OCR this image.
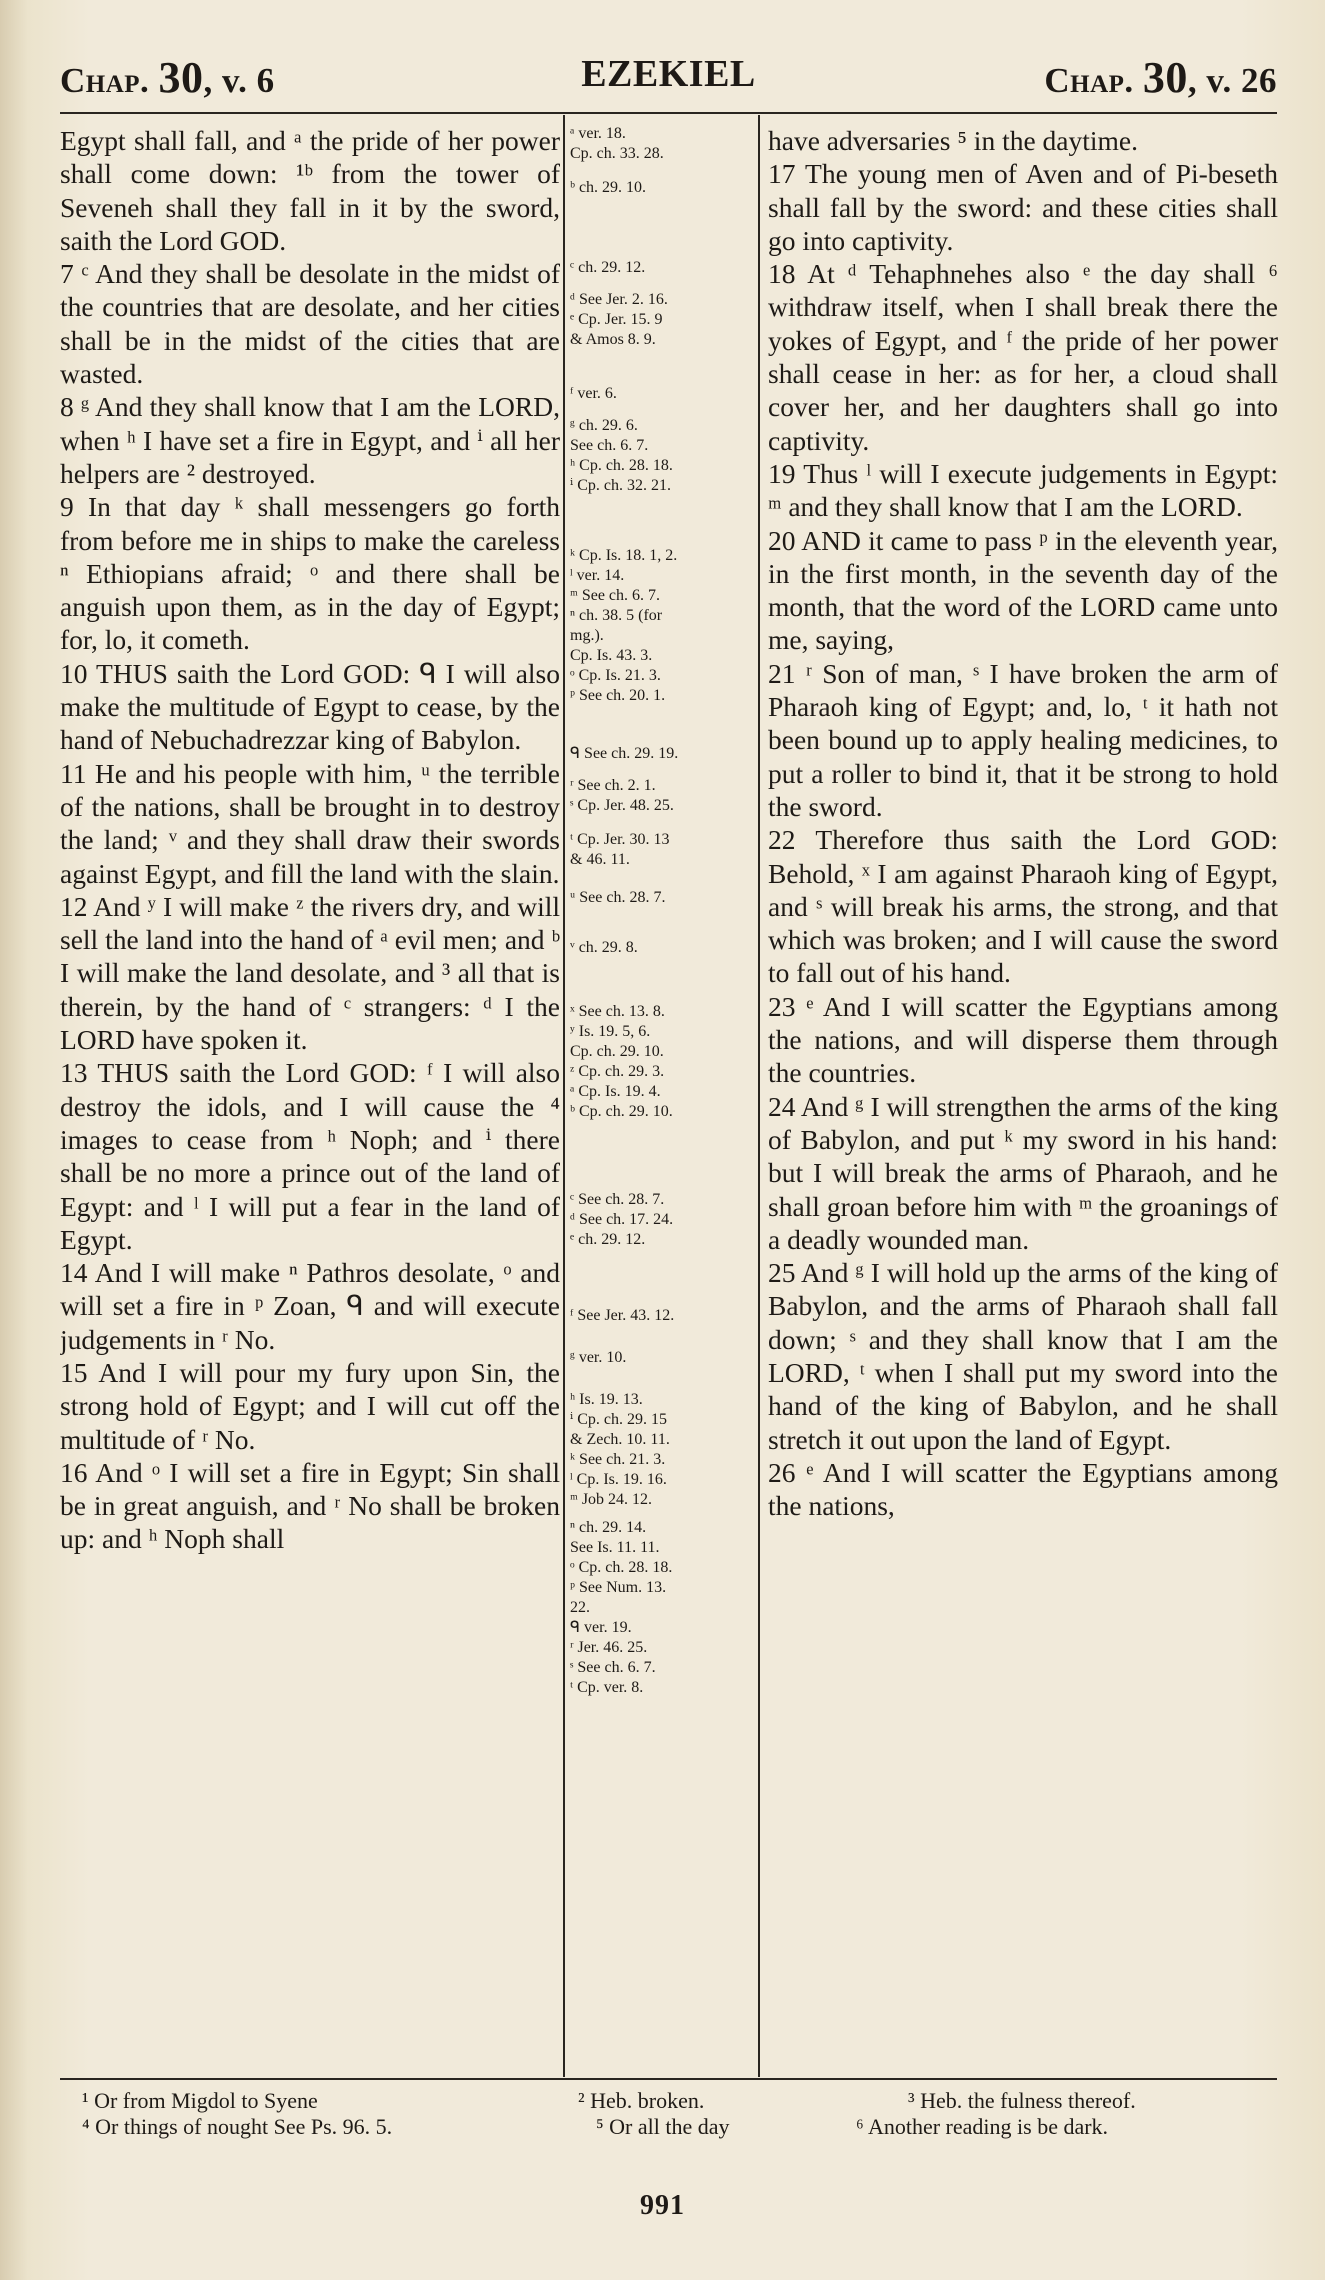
Chap. 30, v. 6	EZEKIEL	Chap. 30, v. 26

Egypt shall fall, and ᵃ the pride of her power shall come down: ¹ᵇ from the tower of Seveneh shall they fall in it by the sword, saith the Lord GOD.

7 ᶜ And they shall be desolate in the midst of the countries that are desolate, and her cities shall be in the midst of the cities that are wasted.

8 ᵍ And they shall know that I am the LORD, when ʰ I have set a fire in Egypt, and ⁱ all her helpers are ² destroyed.

9 In that day ᵏ shall messengers go forth from before me in ships to make the careless ⁿ Ethiopians afraid; ᵒ and there shall be anguish upon them, as in the day of Egypt; for, lo, it cometh.

10 THUS saith the Lord GOD: ᑫ I will also make the multitude of Egypt to cease, by the hand of Nebuchadrezzar king of Babylon.

11 He and his people with him, ᵘ the terrible of the nations, shall be brought in to destroy the land; ᵛ and they shall draw their swords against Egypt, and fill the land with the slain.

12 And ʸ I will make ᶻ the rivers dry, and will sell the land into the hand of ᵃ evil men; and ᵇ I will make the land desolate, and ³ all that is therein, by the hand of ᶜ strangers: ᵈ I the LORD have spoken it.

13 THUS saith the Lord GOD: ᶠ I will also destroy the idols, and I will cause the ⁴ images to cease from ʰ Noph; and ⁱ there shall be no more a prince out of the land of Egypt: and ˡ I will put a fear in the land of Egypt.

14 And I will make ⁿ Pathros desolate, ᵒ and will set a fire in ᵖ Zoan, ᑫ and will execute judgements in ʳ No.

15 And I will pour my fury upon Sin, the strong hold of Egypt; and I will cut off the multitude of ʳ No.

16 And ᵒ I will set a fire in Egypt; Sin shall be in great anguish, and ʳ No shall be broken up: and ʰ Noph shall

ᵃ ver. 18.
Cp. ch. 33. 28.
ᵇ ch. 29. 10.
ᶜ ch. 29. 12.
ᵈ See Jer. 2. 16.
ᵉ Cp. Jer. 15. 9
& Amos 8. 9.
ᶠ ver. 6.
ᵍ ch. 29. 6.
See ch. 6. 7.
ʰ Cp. ch. 28. 18.
ⁱ Cp. ch. 32. 21.
ᵏ Cp. Is. 18. 1, 2.
ˡ ver. 14.
ᵐ See ch. 6. 7.
ⁿ ch. 38. 5 (for
mg.).
Cp. Is. 43. 3.
ᵒ Cp. Is. 21. 3.
ᵖ See ch. 20. 1.
ᑫ See ch. 29. 19.
ʳ See ch. 2. 1.
ˢ Cp. Jer. 48. 25.
ᵗ Cp. Jer. 30. 13
& 46. 11.
ᵘ See ch. 28. 7.
ᵛ ch. 29. 8.
ˣ See ch. 13. 8.
ʸ Is. 19. 5, 6.
Cp. ch. 29. 10.
ᶻ Cp. ch. 29. 3.
ᵃ Cp. Is. 19. 4.
ᵇ Cp. ch. 29. 10.
ᶜ See ch. 28. 7.
ᵈ See ch. 17. 24.
ᵉ ch. 29. 12.
ᶠ See Jer. 43. 12.
ᵍ ver. 10.
ʰ Is. 19. 13.
ⁱ Cp. ch. 29. 15
& Zech. 10. 11.
ᵏ See ch. 21. 3.
ˡ Cp. Is. 19. 16.
ᵐ Job 24. 12.
ⁿ ch. 29. 14.
See Is. 11. 11.
ᵒ Cp. ch. 28. 18.
ᵖ See Num. 13.
22.
ᑫ ver. 19.
ʳ Jer. 46. 25.
ˢ See ch. 6. 7.
ᵗ Cp. ver. 8.

have adversaries ⁵ in the daytime.

17 The young men of Aven and of Pi-beseth shall fall by the sword: and these cities shall go into captivity.

18 At ᵈ Tehaphnehes also ᵉ the day shall ⁶ withdraw itself, when I shall break there the yokes of Egypt, and ᶠ the pride of her power shall cease in her: as for her, a cloud shall cover her, and her daughters shall go into captivity.

19 Thus ˡ will I execute judgements in Egypt: ᵐ and they shall know that I am the LORD.

20 AND it came to pass ᵖ in the eleventh year, in the first month, in the seventh day of the month, that the word of the LORD came unto me, saying,

21 ʳ Son of man, ˢ I have broken the arm of Pharaoh king of Egypt; and, lo, ᵗ it hath not been bound up to apply healing medicines, to put a roller to bind it, that it be strong to hold the sword.

22 Therefore thus saith the Lord GOD: Behold, ˣ I am against Pharaoh king of Egypt, and ˢ will break his arms, the strong, and that which was broken; and I will cause the sword to fall out of his hand.

23 ᵉ And I will scatter the Egyptians among the nations, and will disperse them through the countries.

24 And ᵍ I will strengthen the arms of the king of Babylon, and put ᵏ my sword in his hand: but I will break the arms of Pharaoh, and he shall groan before him with ᵐ the groanings of a deadly wounded man.

25 And ᵍ I will hold up the arms of the king of Babylon, and the arms of Pharaoh shall fall down; ˢ and they shall know that I am the LORD, ᵗ when I shall put my sword into the hand of the king of Babylon, and he shall stretch it out upon the land of Egypt.

26 ᵉ And I will scatter the Egyptians among the nations,

¹ Or from Migdol to Syene	² Heb. broken.	³ Heb. the fulness thereof.
⁴ Or things of nought See Ps. 96. 5.	⁵ Or all the day	⁶ Another reading is be dark.
991
